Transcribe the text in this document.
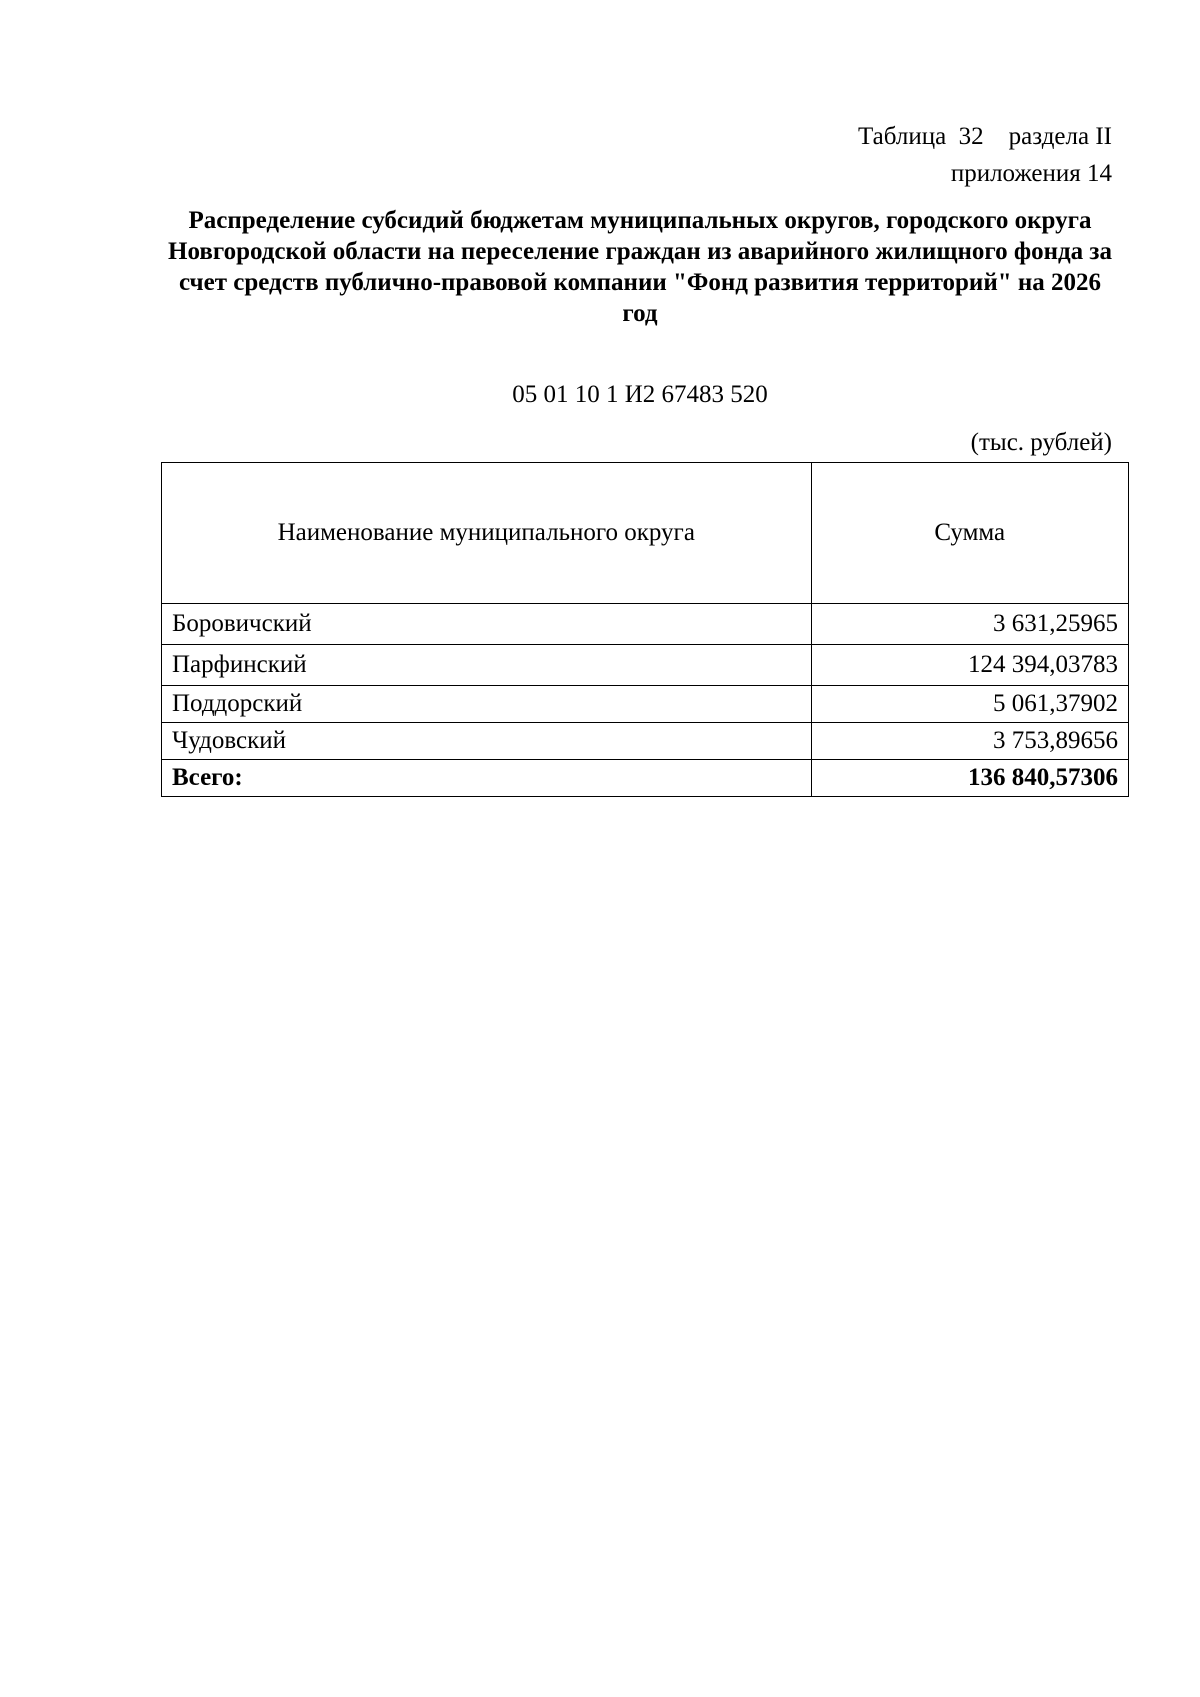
Таблица  32    раздела II
приложения 14
Распределение субсидий бюджетам муниципальных округов, городского округа Новгородской области на переселение граждан из аварийного жилищного фонда за счет средств публично-правовой компании "Фонд развития территорий" на 2026 год
05 01 10 1 И2 67483 520
(тыс. рублей)
Наименование муниципального округа	Сумма
Боровичский	3 631,25965
Парфинский	124 394,03783
Поддорский	5 061,37902
Чудовский	3 753,89656
Всего:	136 840,57306
